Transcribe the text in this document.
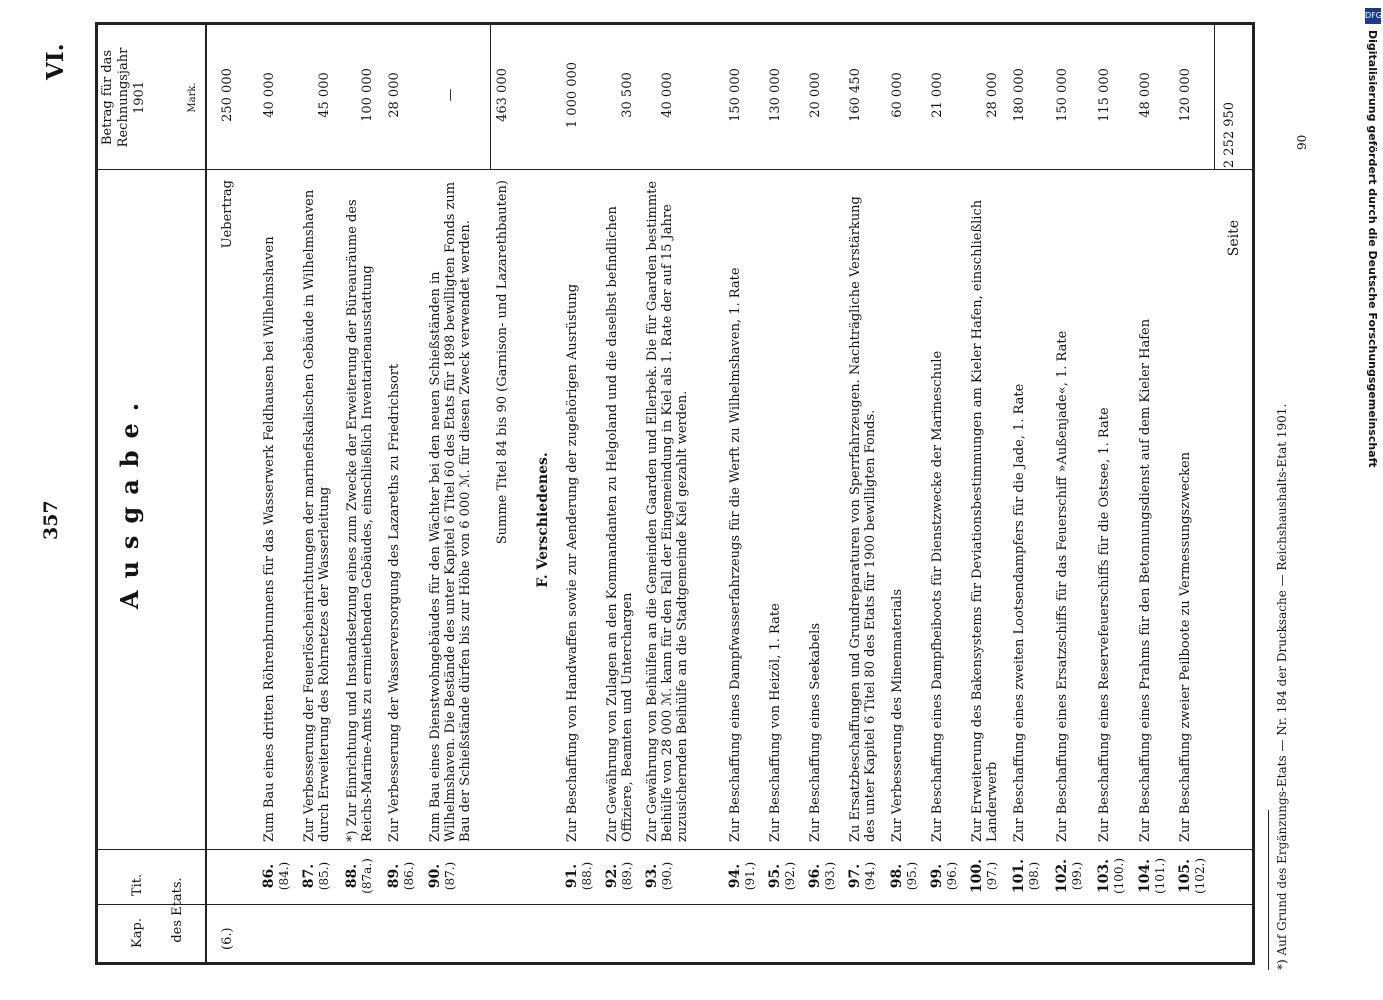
357
VI.
Kap.
Tit. des Etats.
Ausgabe.
Betrag für das Rechnungsjahr 1901	Mark.
(6.)
Uebertrag
250 000
86. (84.)
Zum Bau eines dritten Röhrenbrunnens für das Wasserwerk Feldhausen bei Wilhelmshaven
40 000
87. (85.)
Zur Verbesserung der Feuerlöscheinrichtungen der marinefiskalischen Gebäude in Wilhelmshaven durch Erweiterung des Rohrnetzes der Wasserleitung
45 000
88. (87a.)
*) Zur Einrichtung und Instandsetzung eines zum Zwecke der Erweiterung der Büreauräume des Reichs-Marine-Amts zu ermiethenden Gebäudes, einschließlich Inventarienausstattung
100 000
89. (86.)
Zur Verbesserung der Wasserversorgung des Lazareths zu Friedrichsort
28 000
90. (87.)
Zum Bau eines Dienstwohngebäudes für den Wächter bei den neuen Schießständen in Wilhelmshaven. Die Bestände des unter Kapitel 6 Titel 60 des Etats für 1898 bewilligten Fonds zum Bau der Schießstände dürfen bis zur Höhe von 6 000 ℳ. für diesen Zweck verwendet werden.
—
Summe Titel 84 bis 90 (Garnison- und Lazarethbauten)
463 000
F. Verschiedenes.
91. (88.)
Zur Beschaffung von Handwaffen sowie zur Aenderung der zugehörigen Ausrüstung
1 000 000
92. (89.)
Zur Gewährung von Zulagen an den Kommandanten zu Helgoland und die daselbst befindlichen Offiziere, Beamten und Unterchargen
30 500
93. (90.)
Zur Gewährung von Beihülfen an die Gemeinden Gaarden und Ellerbek. Die für Gaarden bestimmte Beihülfe von 28 000 ℳ. kann für den Fall der Eingemeindung in Kiel als 1. Rate der auf 15 Jahre zuzusichernden Beihülfe an die Stadtgemeinde Kiel gezahlt werden.
40 000
94. (91.)
Zur Beschaffung eines Dampfwasserfahrzeugs für die Werft zu Wilhelmshaven, 1. Rate
150 000
95. (92.)
Zur Beschaffung von Heizöl, 1. Rate
130 000
96. (93.)
Zur Beschaffung eines Seekabels
20 000
97. (94.)
Zu Ersatzbeschaffungen und Grundreparaturen von Sperrfahrzeugen. Nachträgliche Verstärkung des unter Kapitel 6 Titel 80 des Etats für 1900 bewilligten Fonds.
160 450
98. (95.)
Zur Verbesserung des Minenmaterials
60 000
99. (96.)
Zur Beschaffung eines Dampfbeiboots für Dienstzwecke der Marineschule
21 000
100. (97.)
Zur Erweiterung des Bakensystems für Deviationsbestimmungen am Kieler Hafen, einschließlich Landerwerb
28 000
101. (98.)
Zur Beschaffung eines zweiten Lootsendampfers für die Jade, 1. Rate
180 000
102. (99.)
Zur Beschaffung eines Ersatzschiffs für das Feuerschiff »Außenjade«, 1. Rate
150 000
103. (100.)
Zur Beschaffung eines Reservefeuerschiffs für die Ostsee, 1. Rate
115 000
104. (101.)
Zur Beschaffung eines Prahms für den Betonnungsdienst auf dem Kieler Hafen
48 000
105. (102.)
Zur Beschaffung zweier Peilboote zu Vermessungszwecken
120 000
Seite
2 252 950
*) Auf Grund des Ergänzungs-Etats — Nr. 184 der Drucksache — Reichshaushalts-Etat 1901.
90
DFG
Digitalisierung gefördert durch die Deutsche Forschungsgemeinschaft
